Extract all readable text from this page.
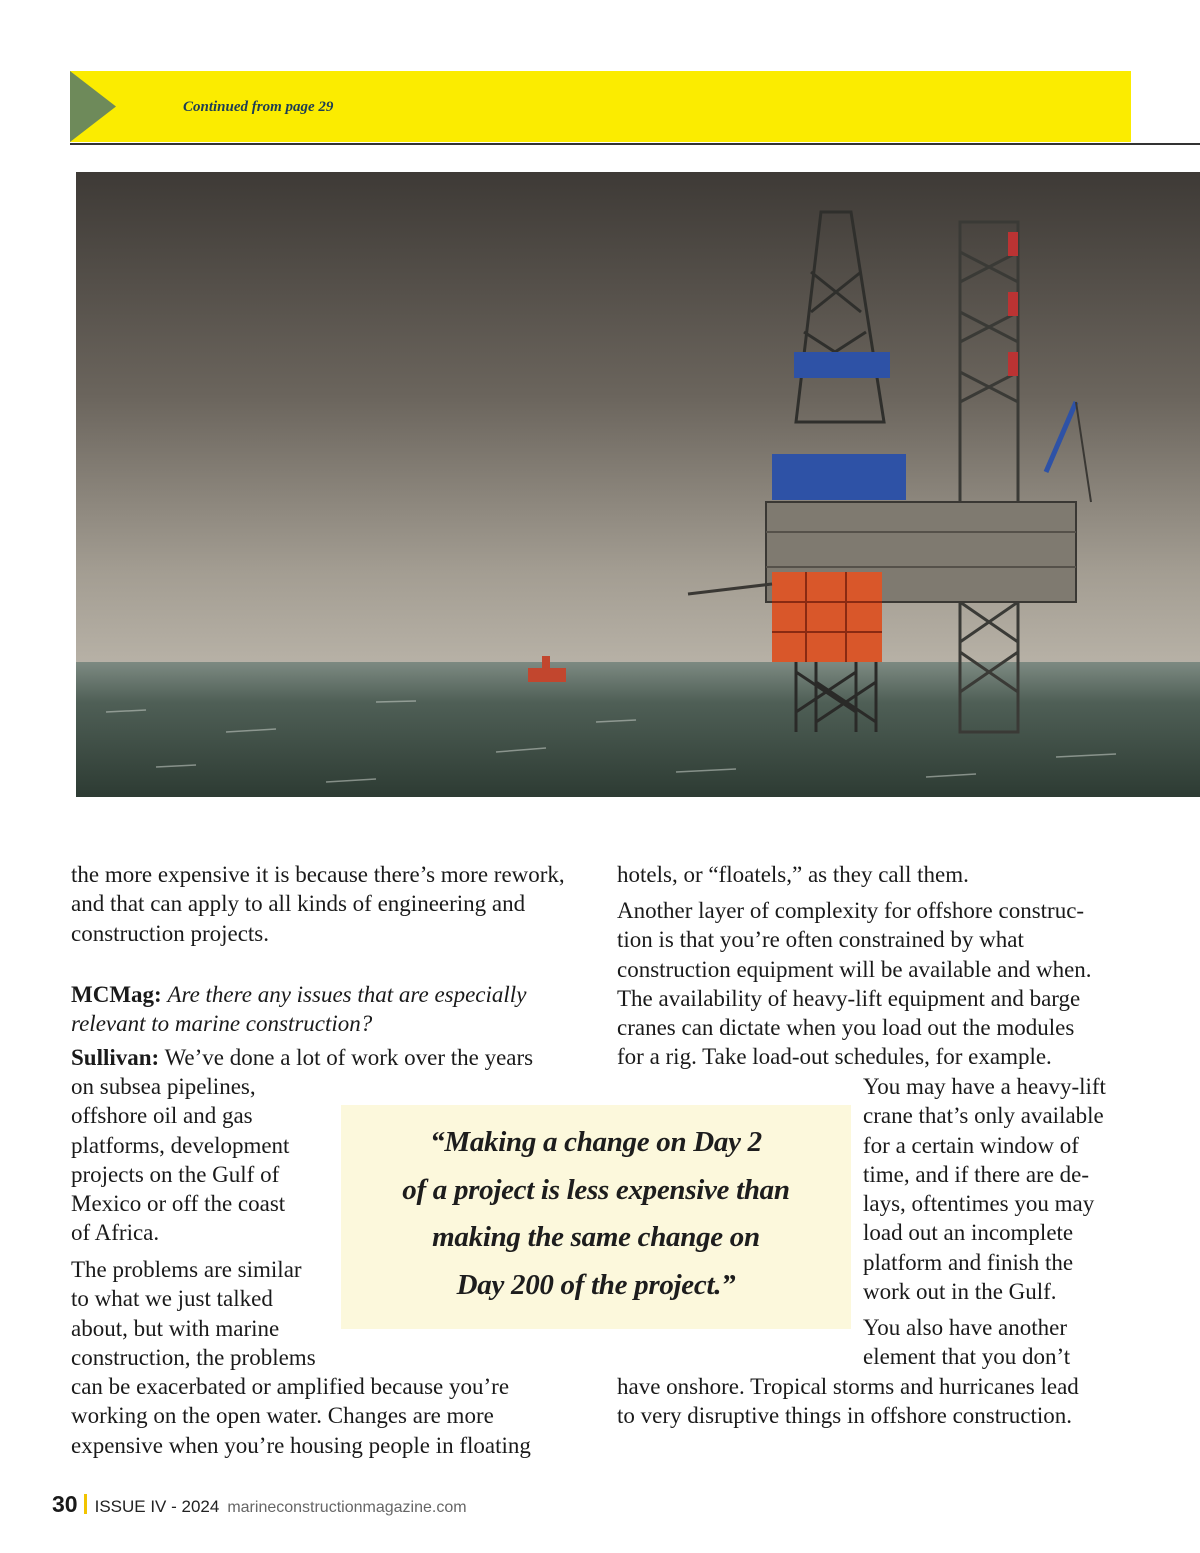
Continued from page 29

the more expensive it is because there’s more rework, and that can apply to all kinds of engineering and construction projects.

MCMag: Are there any issues that are especially relevant to marine construction?

Sullivan: We’ve done a lot of work over the years

on subsea pipelines,
offshore oil and gas
platforms, development
projects on the Gulf of
Mexico or off the coast
of Africa.
The problems are similar
to what we just talked
about, but with marine
construction, the problems

can be exacerbated or amplified because you’re working on the open water. Changes are more expensive when you’re housing people in floating

“Making a change on Day 2
of a project is less expensive than
making the same change on
Day 200 of the project.”

hotels, or “floatels,” as they call them.

Another layer of complexity for offshore construc-
tion is that you’re often constrained by what
construction equipment will be available and when.
The availability of heavy-lift equipment and barge
cranes can dictate when you load out the modules
for a rig. Take load-out schedules, for example.
You may have a heavy-lift
crane that’s only available
for a certain window of
time, and if there are de-
lays, oftentimes you may
load out an incomplete
platform and finish the
work out in the Gulf.
You also have another
element that you don’t
have onshore. Tropical storms and hurricanes lead
to very disruptive things in offshore construction.
30 ISSUE IV - 2024 marineconstructionmagazine.com
